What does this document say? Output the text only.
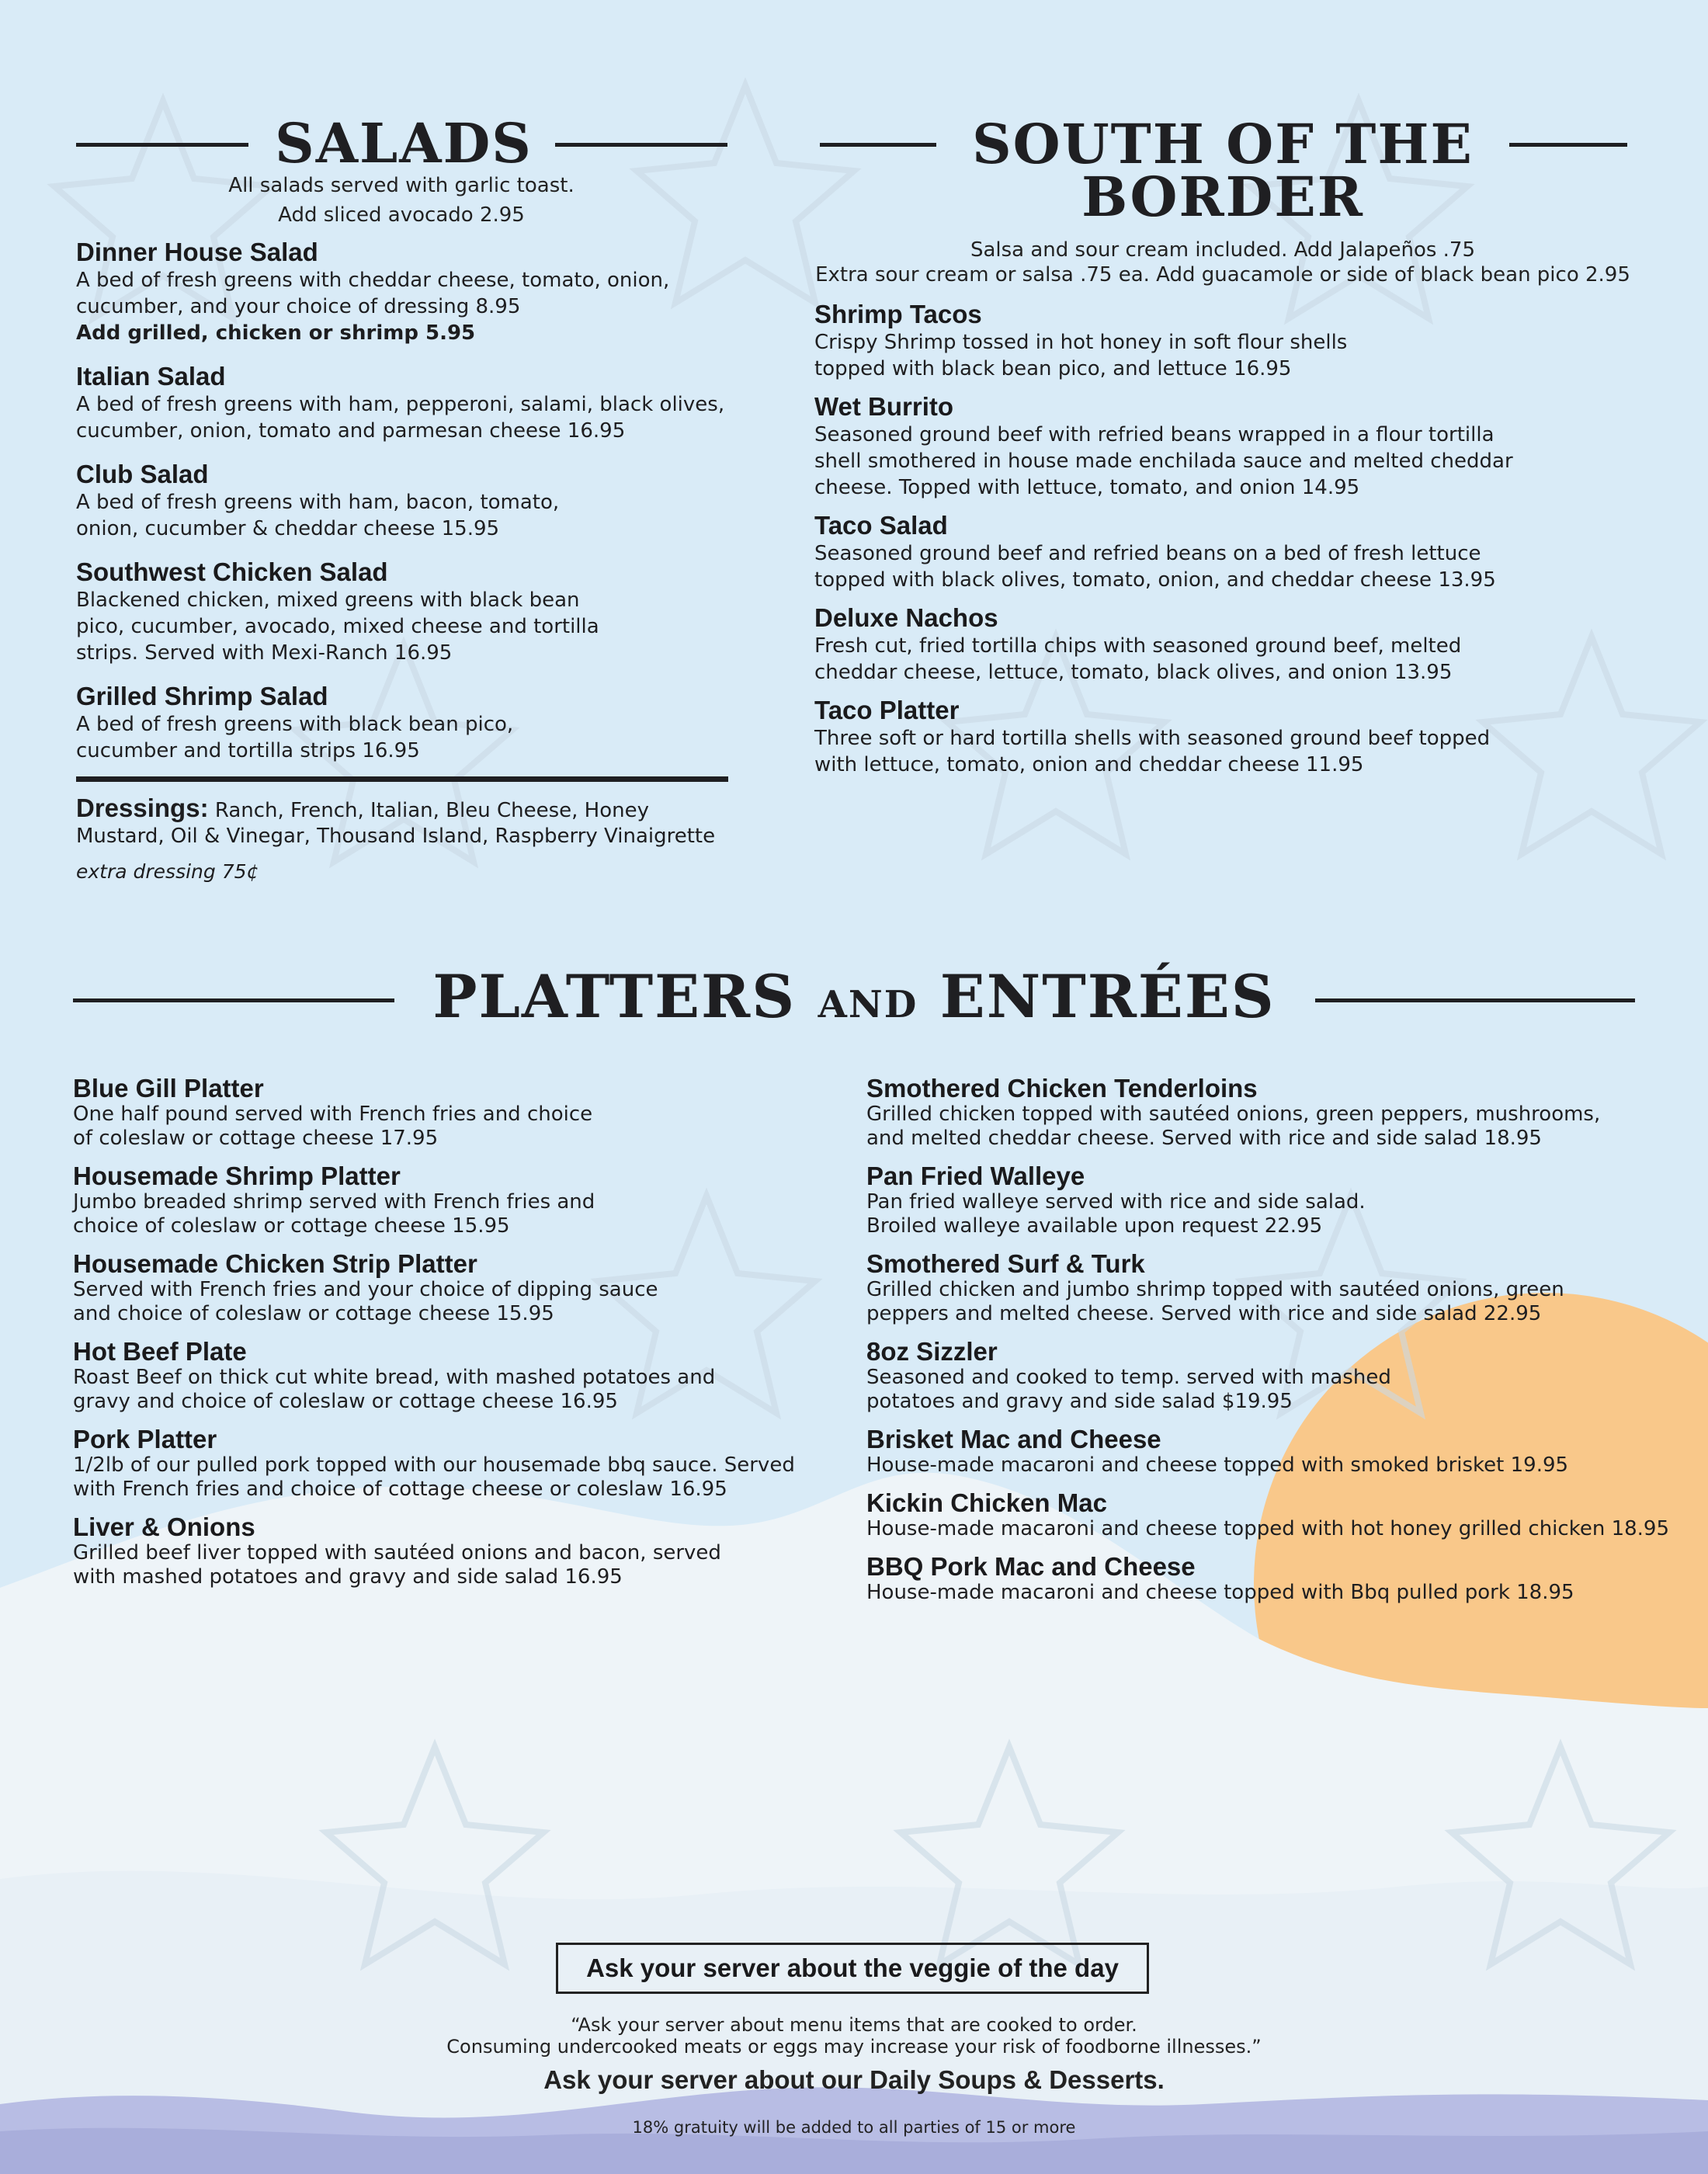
SALADS
All salads served with garlic toast.
Add sliced avocado 2.95
Dinner House Salad
A bed of fresh greens with cheddar cheese, tomato, onion,
cucumber, and your choice of dressing 8.95
Add grilled, chicken or shrimp 5.95
Italian Salad
A bed of fresh greens with ham, pepperoni, salami, black olives,
cucumber, onion, tomato and parmesan cheese 16.95
Club Salad
A bed of fresh greens with ham, bacon, tomato,
onion, cucumber & cheddar cheese 15.95
Southwest Chicken Salad
Blackened chicken, mixed greens with black bean
pico, cucumber, avocado, mixed cheese and tortilla
strips. Served with Mexi-Ranch 16.95
Grilled Shrimp Salad
A bed of fresh greens with black bean pico,
cucumber and tortilla strips 16.95
Dressings: Ranch, French, Italian, Bleu Cheese, Honey
Mustard, Oil & Vinegar, Thousand Island, Raspberry Vinaigrette
extra dressing 75¢
SOUTH OF THE
BORDER
Salsa and sour cream included. Add Jalapeños .75
Extra sour cream or salsa .75 ea. Add guacamole or side of black bean pico 2.95
Shrimp Tacos
Crispy Shrimp tossed in hot honey in soft flour shells
topped with black bean pico, and lettuce 16.95
Wet Burrito
Seasoned ground beef with refried beans wrapped in a flour tortilla
shell smothered in house made enchilada sauce and melted cheddar
cheese. Topped with lettuce, tomato, and onion 14.95
Taco Salad
Seasoned ground beef and refried beans on a bed of fresh lettuce
topped with black olives, tomato, onion, and cheddar cheese 13.95
Deluxe Nachos
Fresh cut, fried tortilla chips with seasoned ground beef, melted
cheddar cheese, lettuce, tomato, black olives, and onion 13.95
Taco Platter
Three soft or hard tortilla shells with seasoned ground beef topped
with lettuce, tomato, onion and cheddar cheese 11.95
PLATTERS AND ENTRÉES
Blue Gill Platter
One half pound served with French fries and choice
of coleslaw or cottage cheese 17.95
Housemade Shrimp Platter
Jumbo breaded shrimp served with French fries and
choice of coleslaw or cottage cheese 15.95
Housemade Chicken Strip Platter
Served with French fries and your choice of dipping sauce
and choice of coleslaw or cottage cheese 15.95
Hot Beef Plate
Roast Beef on thick cut white bread, with mashed potatoes and
gravy and choice of coleslaw or cottage cheese 16.95
Pork Platter
1/2lb of our pulled pork topped with our housemade bbq sauce. Served
with French fries and choice of cottage cheese or coleslaw 16.95
Liver & Onions
Grilled beef liver topped with sautéed onions and bacon, served
with mashed potatoes and gravy and side salad 16.95
Smothered Chicken Tenderloins
Grilled chicken topped with sautéed onions, green peppers, mushrooms,
and melted cheddar cheese. Served with rice and side salad 18.95
Pan Fried Walleye
Pan fried walleye served with rice and side salad.
Broiled walleye available upon request 22.95
Smothered Surf & Turk
Grilled chicken and jumbo shrimp topped with sautéed onions, green
peppers and melted cheese. Served with rice and side salad 22.95
8oz Sizzler
Seasoned and cooked to temp. served with mashed
potatoes and gravy and side salad $19.95
Brisket Mac and Cheese
House-made macaroni and cheese topped with smoked brisket 19.95
Kickin Chicken Mac
House-made macaroni and cheese topped with hot honey grilled chicken 18.95
BBQ Pork Mac and Cheese
House-made macaroni and cheese topped with Bbq pulled pork 18.95
Ask your server about the veggie of the day
“Ask your server about menu items that are cooked to order.
Consuming undercooked meats or eggs may increase your risk of foodborne illnesses.”
Ask your server about our Daily Soups & Desserts.
18% gratuity will be added to all parties of 15 or more
